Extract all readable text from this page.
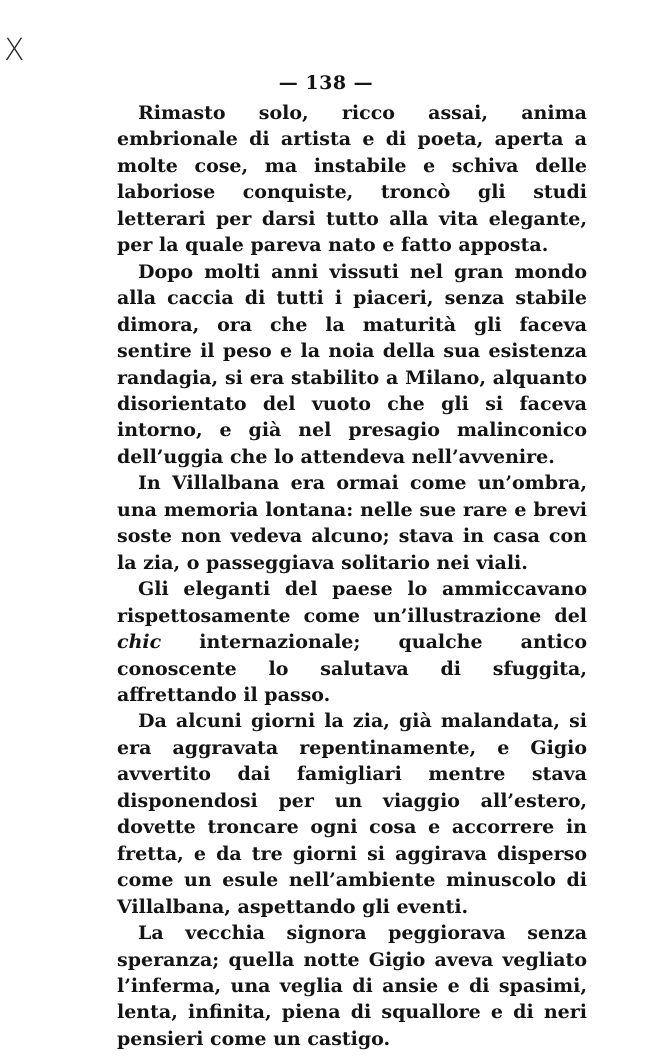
X
— 138 —

Rimasto solo, ricco assai, anima embrionale di artista e di poeta, aperta a molte cose, ma instabile e schiva delle laboriose conquiste, troncò gli studi letterari per darsi tutto alla vita elegante, per la quale pareva nato e fatto apposta.

Dopo molti anni vissuti nel gran mondo alla caccia di tutti i piaceri, senza stabile dimora, ora che la maturità gli faceva sentire il peso e la noia della sua esistenza randagia, si era stabilito a Milano, alquanto disorientato del vuoto che gli si faceva intorno, e già nel presagio malinconico dell’uggia che lo attendeva nell’avvenire.

In Villalbana era ormai come un’ombra, una memoria lontana: nelle sue rare e brevi soste non vedeva alcuno; stava in casa con la zia, o passeggiava solitario nei viali.

Gli eleganti del paese lo ammiccavano rispettosamente come un’illustrazione del chic internazionale; qualche antico conoscente lo salutava di sfuggita, affrettando il passo.

Da alcuni giorni la zia, già malandata, si era aggravata repentinamente, e Gigio avvertito dai famigliari mentre stava disponendosi per un viaggio all’estero, dovette troncare ogni cosa e accorrere in fretta, e da tre giorni si aggirava disperso come un esule nell’ambiente minuscolo di Villalbana, aspettando gli eventi.

La vecchia signora peggiorava senza speranza; quella notte Gigio aveva vegliato l’inferma, una veglia di ansie e di spasimi, lenta, infinita, piena di squallore e di neri pensieri come un castigo.
